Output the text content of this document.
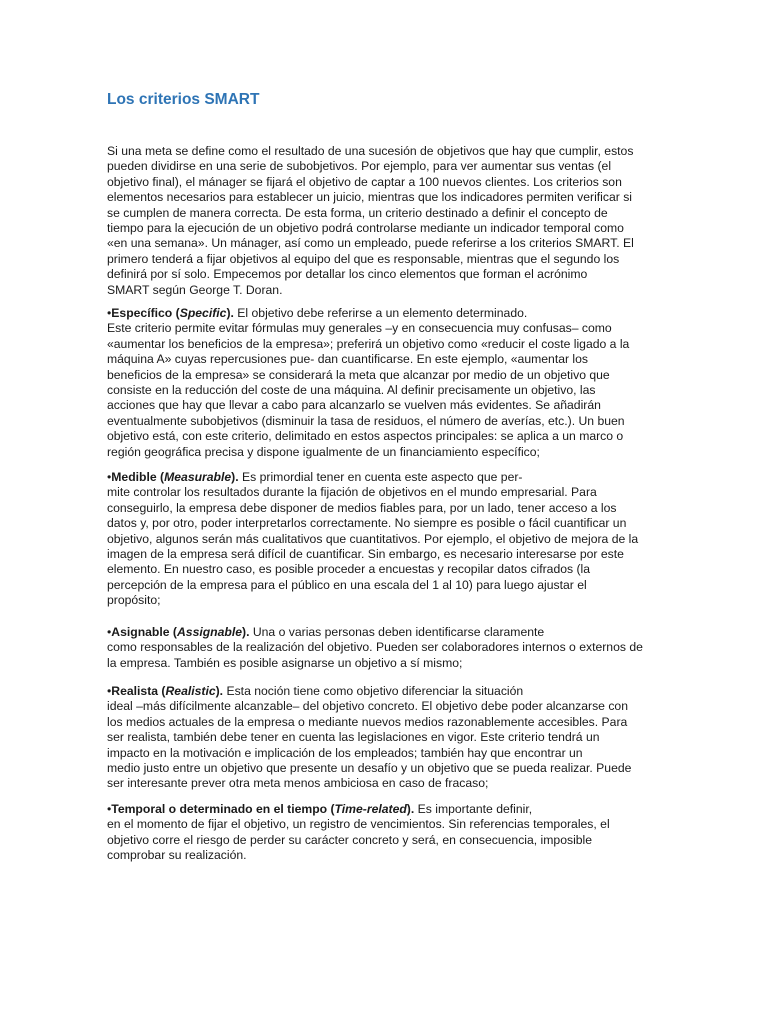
Los criterios SMART
Si una meta se define como el resultado de una sucesión de objetivos que hay que cumplir, estos
pueden dividirse en una serie de subobjetivos. Por ejemplo, para ver aumentar sus ventas (el
objetivo final), el mánager se fijará el objetivo de captar a 100 nuevos clientes. Los criterios son
elementos necesarios para establecer un juicio, mientras que los indicadores permiten verificar si
se cumplen de manera correcta. De esta forma, un criterio destinado a definir el concepto de
tiempo para la ejecución de un objetivo podrá controlarse mediante un indicador temporal como
«en una semana». Un mánager, así como un empleado, puede referirse a los criterios SMART. El
primero tenderá a fijar objetivos al equipo del que es responsable, mientras que el segundo los
definirá por sí solo. Empecemos por detallar los cinco elementos que forman el acrónimo
SMART según George T. Doran.
•Específico (Specific). El objetivo debe referirse a un elemento determinado.
Este criterio permite evitar fórmulas muy generales –y en consecuencia muy confusas– como
«aumentar los beneficios de la empresa»; preferirá un objetivo como «reducir el coste ligado a la
máquina A» cuyas repercusiones pue- dan cuantificarse. En este ejemplo, «aumentar los
beneficios de la empresa» se considerará la meta que alcanzar por medio de un objetivo que
consiste en la reducción del coste de una máquina. Al definir precisamente un objetivo, las
acciones que hay que llevar a cabo para alcanzarlo se vuelven más evidentes. Se añadirán
eventualmente subobjetivos (disminuir la tasa de residuos, el número de averías, etc.). Un buen
objetivo está, con este criterio, delimitado en estos aspectos principales: se aplica a un marco o
región geográfica precisa y dispone igualmente de un financiamiento específico;
•Medible (Measurable). Es primordial tener en cuenta este aspecto que per-
mite controlar los resultados durante la fijación de objetivos en el mundo empresarial. Para
conseguirlo, la empresa debe disponer de medios fiables para, por un lado, tener acceso a los
datos y, por otro, poder interpretarlos correctamente. No siempre es posible o fácil cuantificar un
objetivo, algunos serán más cualitativos que cuantitativos. Por ejemplo, el objetivo de mejora de la
imagen de la empresa será difícil de cuantificar. Sin embargo, es necesario interesarse por este
elemento. En nuestro caso, es posible proceder a encuestas y recopilar datos cifrados (la
percepción de la empresa para el público en una escala del 1 al 10) para luego ajustar el
propósito;
•Asignable (Assignable). Una o varias personas deben identificarse claramente
como responsables de la realización del objetivo. Pueden ser colaboradores internos o externos de
la empresa. También es posible asignarse un objetivo a sí mismo;
•Realista (Realistic). Esta noción tiene como objetivo diferenciar la situación
ideal –más difícilmente alcanzable– del objetivo concreto. El objetivo debe poder alcanzarse con
los medios actuales de la empresa o mediante nuevos medios razonablemente accesibles. Para
ser realista, también debe tener en cuenta las legislaciones en vigor. Este criterio tendrá un
impacto en la motivación e implicación de los empleados; también hay que encontrar un
medio justo entre un objetivo que presente un desafío y un objetivo que se pueda realizar. Puede
ser interesante prever otra meta menos ambiciosa en caso de fracaso;
•Temporal o determinado en el tiempo (Time-related). Es importante definir,
en el momento de fijar el objetivo, un registro de vencimientos. Sin referencias temporales, el
objetivo corre el riesgo de perder su carácter concreto y será, en consecuencia, imposible
comprobar su realización.
